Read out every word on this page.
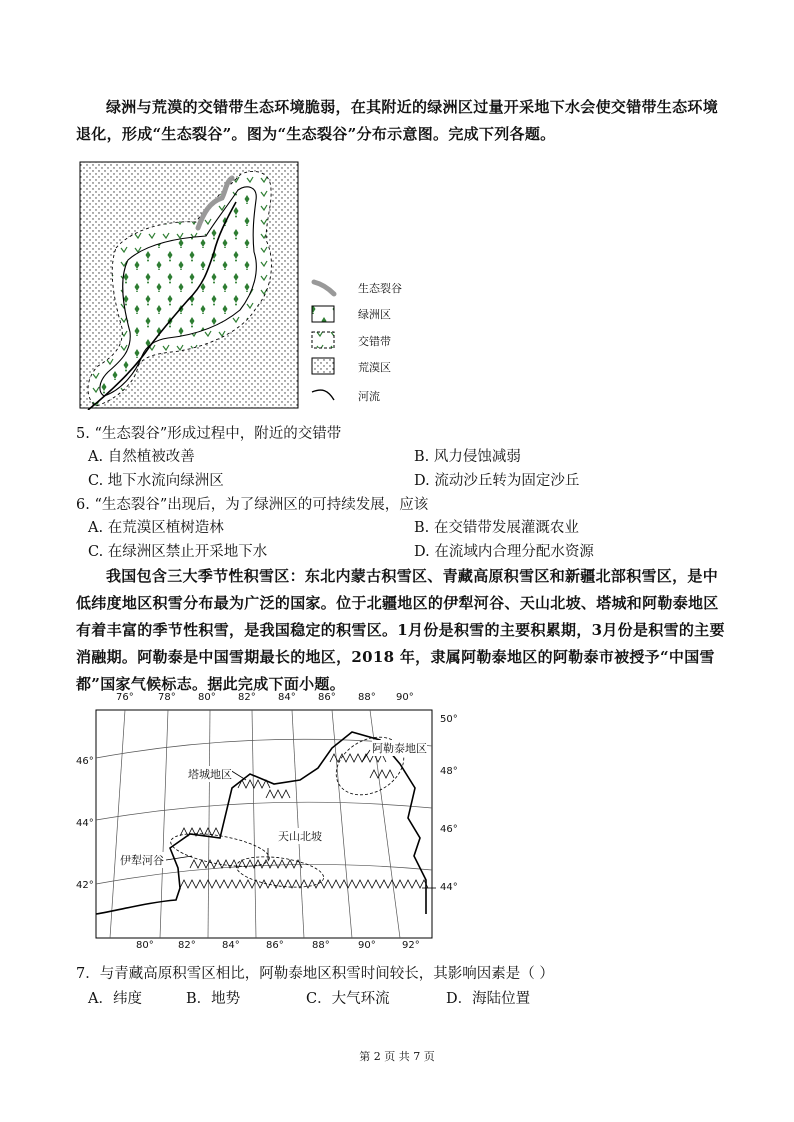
绿洲与荒漠的交错带生态环境脆弱，在其附近的绿洲区过量开采地下水会使交错带生态环境退化，形成“生态裂谷”。图为“生态裂谷”分布示意图。完成下列各题。
生态裂谷
绿洲区
交错带
荒漠区
河流
5. “生态裂谷”形成过程中，附近的交错带
A. 自然植被改善	B. 风力侵蚀减弱
C. 地下水流向绿洲区	D. 流动沙丘转为固定沙丘
6. “生态裂谷”出现后，为了绿洲区的可持续发展，应该
A. 在荒漠区植树造林	B. 在交错带发展灌溉农业
C. 在绿洲区禁止开采地下水	D. 在流域内合理分配水资源
我国包含三大季节性积雪区：东北内蒙古积雪区、青藏高原积雪区和新疆北部积雪区，是中低纬度地区积雪分布最为广泛的国家。位于北疆地区的伊犁河谷、天山北坡、塔城和阿勒泰地区有着丰富的季节性积雪，是我国稳定的积雪区。1月份是积雪的主要积累期，3月份是积雪的主要消融期。阿勒泰是中国雪期最长的地区，2018 年，隶属阿勒泰地区的阿勒泰市被授予“中国雪都”国家气候标志。据此完成下面小题。
76° 78° 80° 82° 84° 86° 88° 90°
80° 82°	84°	86°	88°	90°	92°
46°
44°
42°
50°
48°
46°
44°
阿勒泰地区
塔城地区
天山北坡
伊犁河谷
7．与青藏高原积雪区相比，阿勒泰地区积雪时间较长，其影响因素是（ ）
A．纬度	B．地势	C．大气环流	D．海陆位置
第 2 页 共 7 页
